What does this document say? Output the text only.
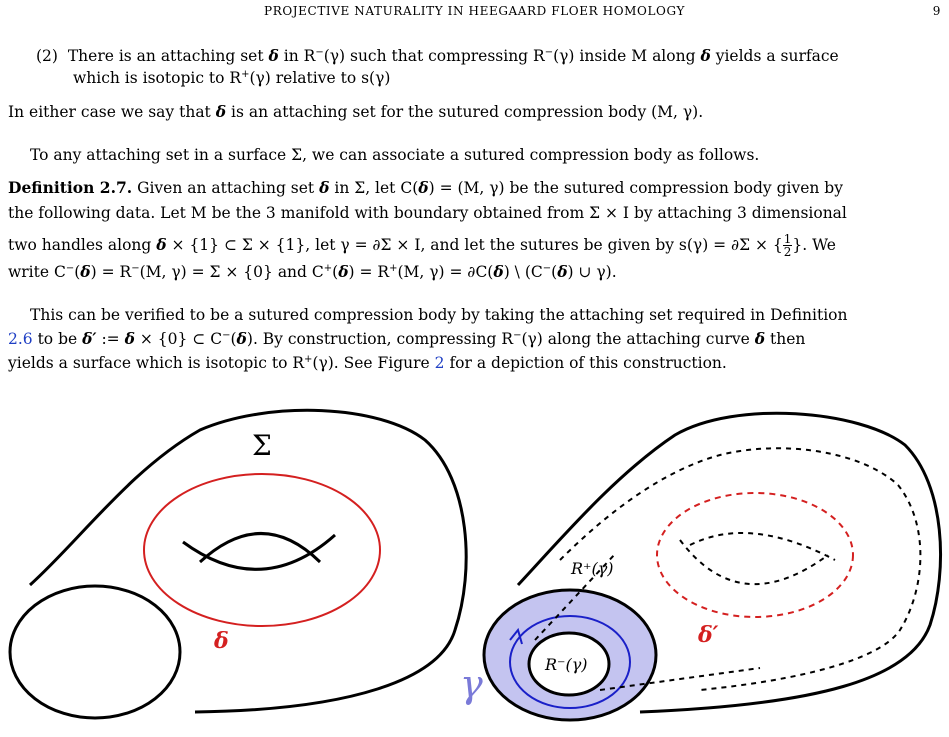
PROJECTIVE NATURALITY IN HEEGAARD FLOER HOMOLOGY	9
(2) There is an attaching set δ in R−(γ) such that compressing R−(γ) inside M along δ yields a surface
which is isotopic to R+(γ) relative to s(γ)
In either case we say that δ is an attaching set for the sutured compression body (M, γ).
To any attaching set in a surface Σ, we can associate a sutured compression body as follows.
Definition 2.7. Given an attaching set δ in Σ, let C(δ) = (M, γ) be the sutured compression body given by
the following data. Let M be the 3 manifold with boundary obtained from Σ × I by attaching 3 dimensional
two handles along δ × {1} ⊂ Σ × {1}, let γ = ∂Σ × I, and let the sutures be given by s(γ) = ∂Σ × { $\frac{1}{2}$ }. We
write C−(δ) = R−(M, γ) = Σ × {0} and C+(δ) = R+(M, γ) = ∂C(δ) \ (C−(δ) ∪ γ).
This can be verified to be a sutured compression body by taking the attaching set required in Definition
2.6 to be δ′ := δ × {0} ⊂ C−(δ). By construction, compressing R−(γ) along the attaching curve δ then
yields a surface which is isotopic to R+(γ). See Figure 2 for a depiction of this construction.
Σ
δ
R⁺(γ)
R⁻(γ)
δ′
γ
